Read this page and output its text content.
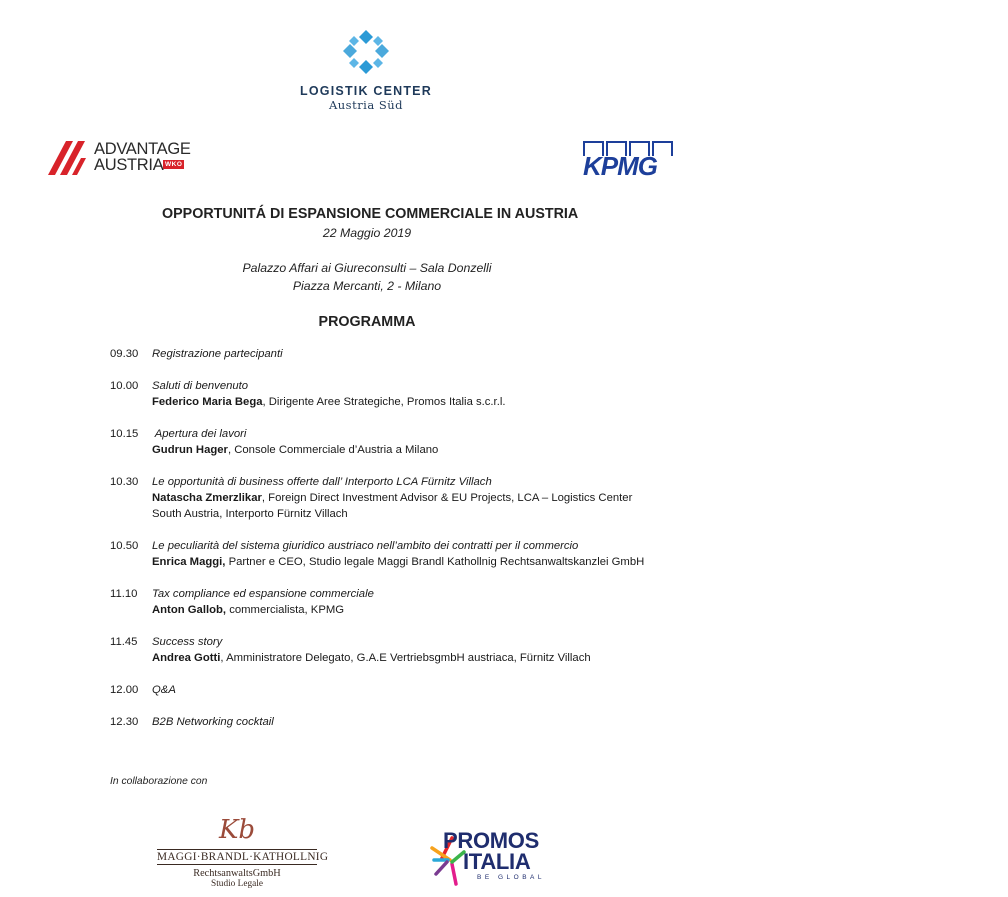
LOGISTIK CENTER
Austria Süd
ADVANTAGE
AUSTRIA WKO	KPMG
OPPORTUNITÁ DI ESPANSIONE COMMERCIALE IN AUSTRIA
22 Maggio 2019
Palazzo Affari ai Giureconsulti – Sala Donzelli
Piazza Mercanti, 2 - Milano
PROGRAMMA
09.30	Registrazione partecipanti
10.00	Saluti di benvenuto
Federico Maria Bega, Dirigente Aree Strategiche, Promos Italia s.c.r.l.
10.15	Apertura dei lavori
Gudrun Hager, Console Commerciale d’Austria a Milano
10.30	Le opportunità di business offerte dall’ Interporto LCA Fürnitz Villach
Natascha Zmerzlikar, Foreign Direct Investment Advisor & EU Projects, LCA – Logistics Center South Austria, Interporto Fürnitz Villach
10.50	Le peculiarità del sistema giuridico austriaco nell’ambito dei contratti per il commercio
Enrica Maggi, Partner e CEO, Studio legale Maggi Brandl Kathollnig Rechtsanwaltskanzlei GmbH
11.10	Tax compliance ed espansione commerciale
Anton Gallob, commercialista, KPMG
11.45	Success story
Andrea Gotti, Amministratore Delegato, G.A.E VertriebsgmbH austriaca, Fürnitz Villach
12.00	Q&A
12.30	B2B Networking cocktail
In collaborazione con
Kb
MAGGI·BRANDL·KATHOLLNIG
RechtsanwaltsGmbH
Studio Legale
PROMOS
ITALIA
BE GLOBAL
